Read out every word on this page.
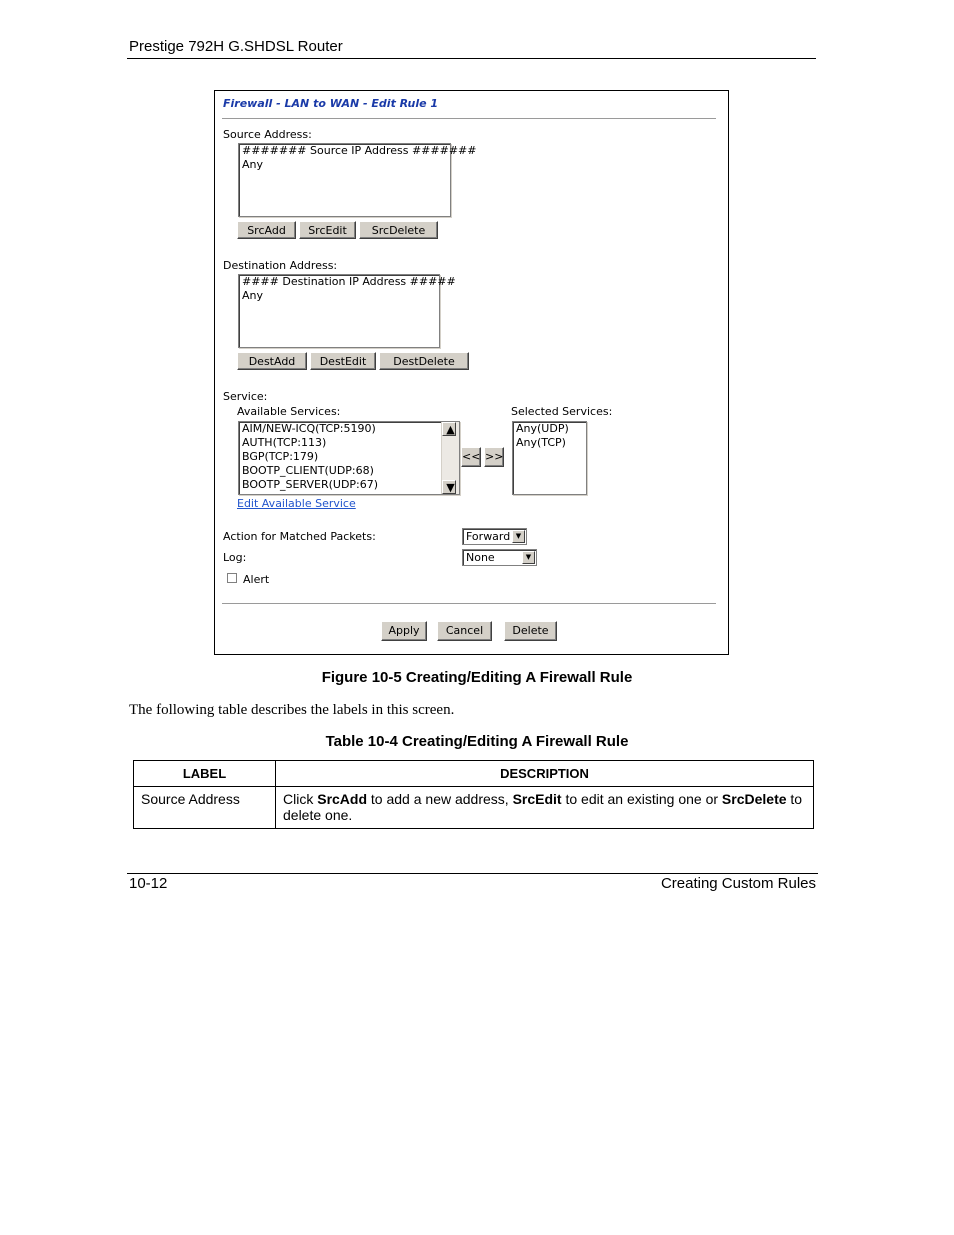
Prestige 792H G.SHDSL Router
Firewall - LAN to WAN - Edit Rule 1
Source Address:
####### Source IP Address #######
Any
SrcAdd	SrcEdit	SrcDelete
Destination Address:
#### Destination IP Address #####
Any
DestAdd	DestEdit	DestDelete
Service:
Available Services:	Selected Services:
AIM/NEW-ICQ(TCP:5190)
AUTH(TCP:113)
BGP(TCP:179)
BOOTP_CLIENT(UDP:68)
BOOTP_SERVER(UDP:67)
▲
▼
<< >>
Any(UDP)
Any(TCP)
Edit Available Service
Action for Matched Packets:	Forward ▼
Log:	None	▼
Alert
Apply	Cancel	Delete
Figure 10-5 Creating/Editing A Firewall Rule
The following table describes the labels in this screen.
Table 10-4 Creating/Editing A Firewall Rule
LABEL	DESCRIPTION
Source Address	Click SrcAdd to add a new address, SrcEdit to edit an existing one or SrcDelete to delete one.
10-12	Creating Custom Rules
